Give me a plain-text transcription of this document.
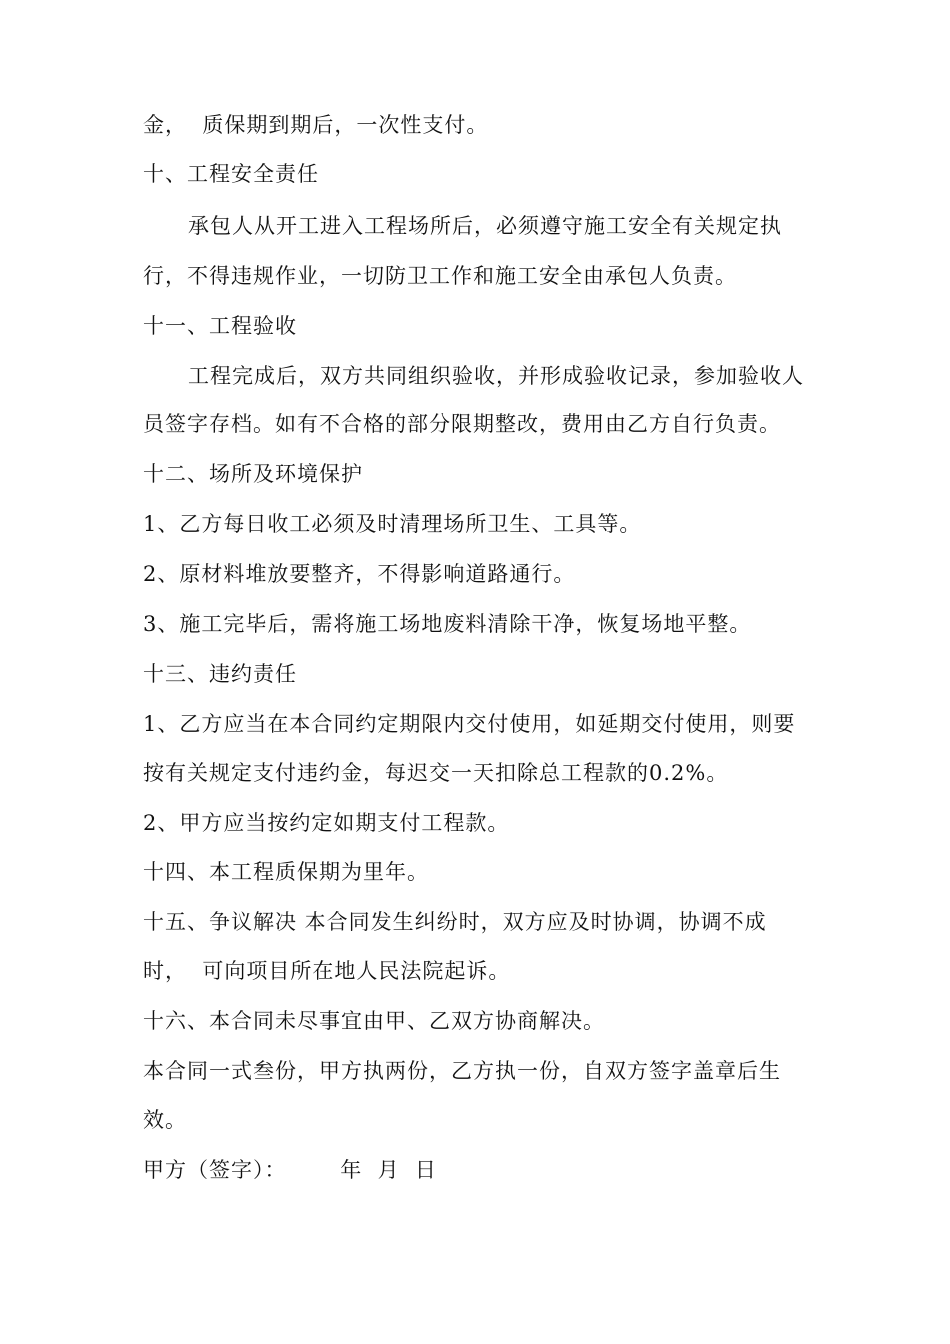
金，  质保期到期后，一次性支付。

十、工程安全责任

承包人从开工进入工程场所后，必须遵守施工安全有关规定执

行，不得违规作业，一切防卫工作和施工安全由承包人负责。

十一、工程验收

工程完成后，双方共同组织验收，并形成验收记录，参加验收人

员签字存档。如有不合格的部分限期整改，费用由乙方自行负责。

十二、场所及环境保护

1、乙方每日收工必须及时清理场所卫生、工具等。

2、原材料堆放要整齐，不得影响道路通行。

3、施工完毕后，需将施工场地废料清除干净，恢复场地平整。

十三、违约责任

1、乙方应当在本合同约定期限内交付使用，如延期交付使用，则要

按有关规定支付违约金，每迟交一天扣除总工程款的0.2%。

2、甲方应当按约定如期支付工程款。

十四、本工程质保期为里年。

十五、争议解决 本合同发生纠纷时，双方应及时协调，协调不成

时，  可向项目所在地人民法院起诉。

十六、本合同未尽事宜由甲、乙双方协商解决。

本合同一式叁份，甲方执两份，乙方执一份，自双方签字盖章后生

效。

甲方（签字）：       年  月  日
